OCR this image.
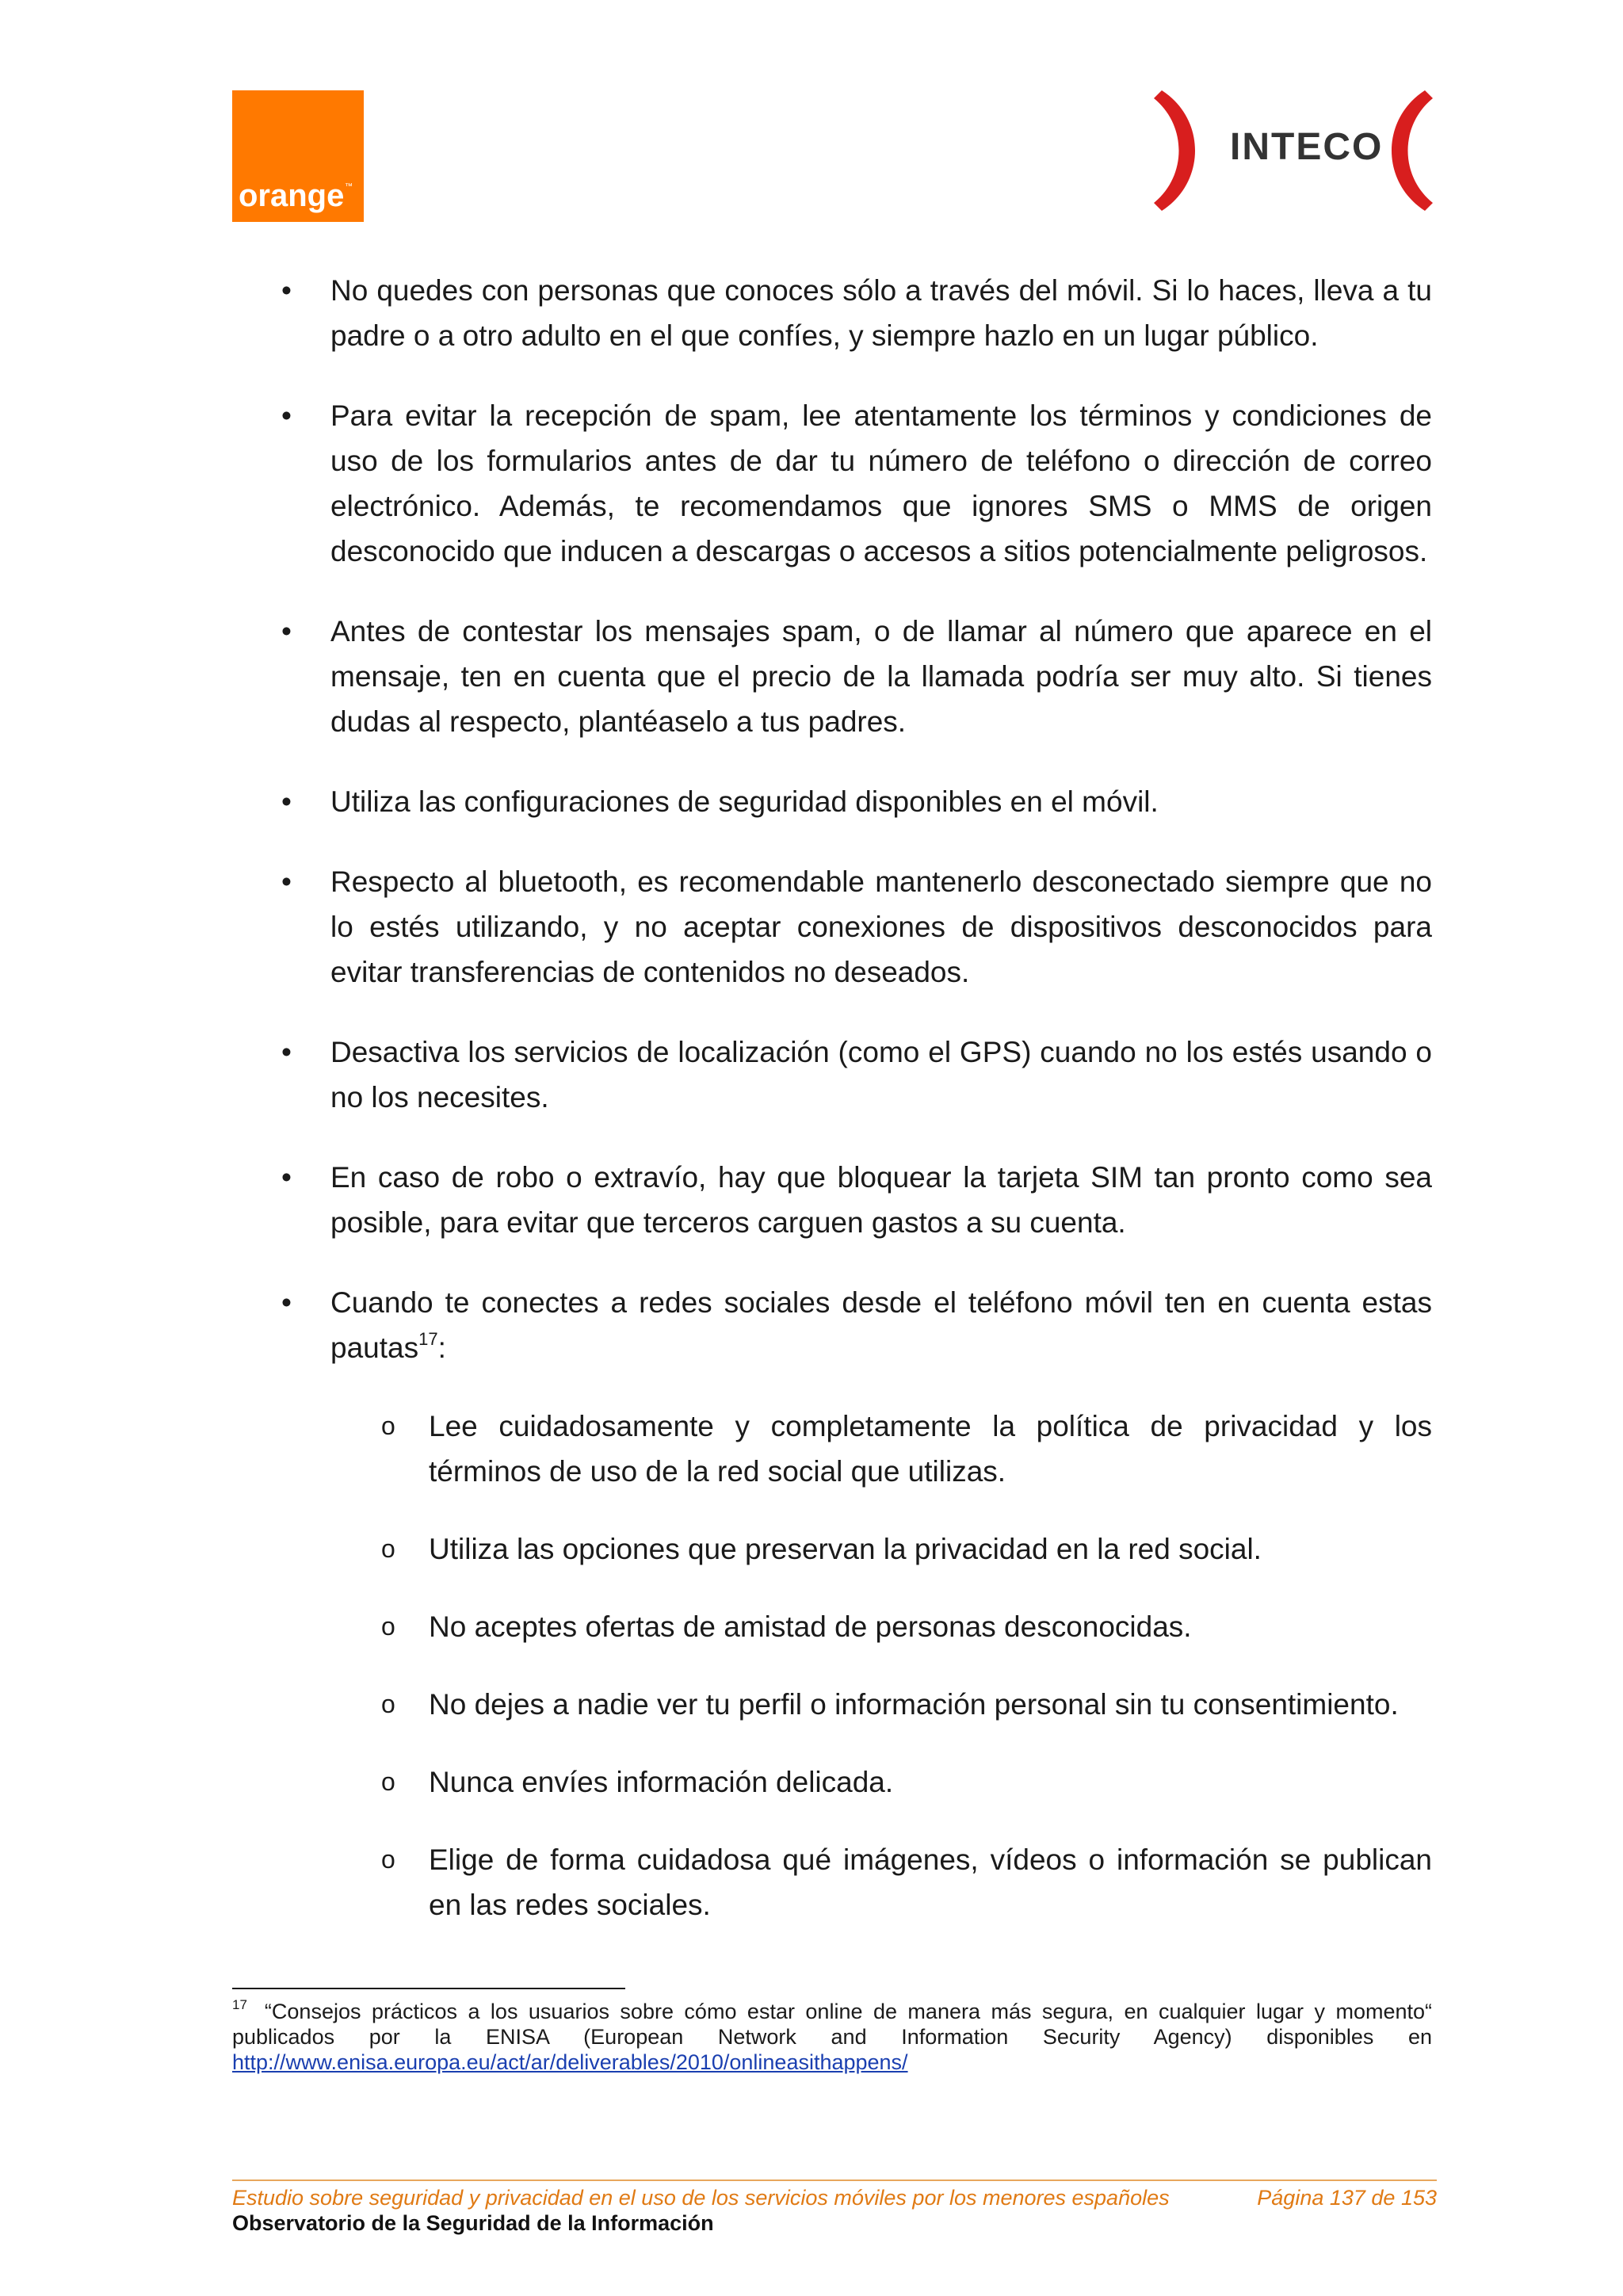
orange ™
INTECO
• No quedes con personas que conoces sólo a través del móvil. Si lo haces, lleva a tu padre o a otro adulto en el que confíes, y siempre hazlo en un lugar público.
• Para evitar la recepción de spam, lee atentamente los términos y condiciones de uso de los formularios antes de dar tu número de teléfono o dirección de correo electrónico. Además, te recomendamos que ignores SMS o MMS de origen desconocido que inducen a descargas o accesos a sitios potencialmente peligrosos.
• Antes de contestar los mensajes spam, o de llamar al número que aparece en el mensaje, ten en cuenta que el precio de la llamada podría ser muy alto. Si tienes dudas al respecto, plantéaselo a tus padres.
• Utiliza las configuraciones de seguridad disponibles en el móvil.
• Respecto al bluetooth, es recomendable mantenerlo desconectado siempre que no lo estés utilizando, y no aceptar conexiones de dispositivos desconocidos para evitar transferencias de contenidos no deseados.
• Desactiva los servicios de localización (como el GPS) cuando no los estés usando o no los necesites.
• En caso de robo o extravío, hay que bloquear la tarjeta SIM tan pronto como sea posible, para evitar que terceros carguen gastos a su cuenta.
• Cuando te conectes a redes sociales desde el teléfono móvil ten en cuenta estas pautas$^{17}$:
o Lee cuidadosamente y completamente la política de privacidad y los términos de uso de la red social que utilizas.
o Utiliza las opciones que preservan la privacidad en la red social.
o No aceptes ofertas de amistad de personas desconocidas.
o No dejes a nadie ver tu perfil o información personal sin tu consentimiento.
o Nunca envíes información delicada.
o Elige de forma cuidadosa qué imágenes, vídeos o información se publican en las redes sociales.
$^{17}$ “Consejos prácticos a los usuarios sobre cómo estar online de manera más segura, en cualquier lugar y momento“ publicados por la ENISA (European Network and Information Security Agency) disponibles en http://www.enisa.europa.eu/act/ar/deliverables/2010/onlineasithappens/
Estudio sobre seguridad y privacidad en el uso de los servicios móviles por los menores españoles	Página 137 de 153
Observatorio de la Seguridad de la Información
